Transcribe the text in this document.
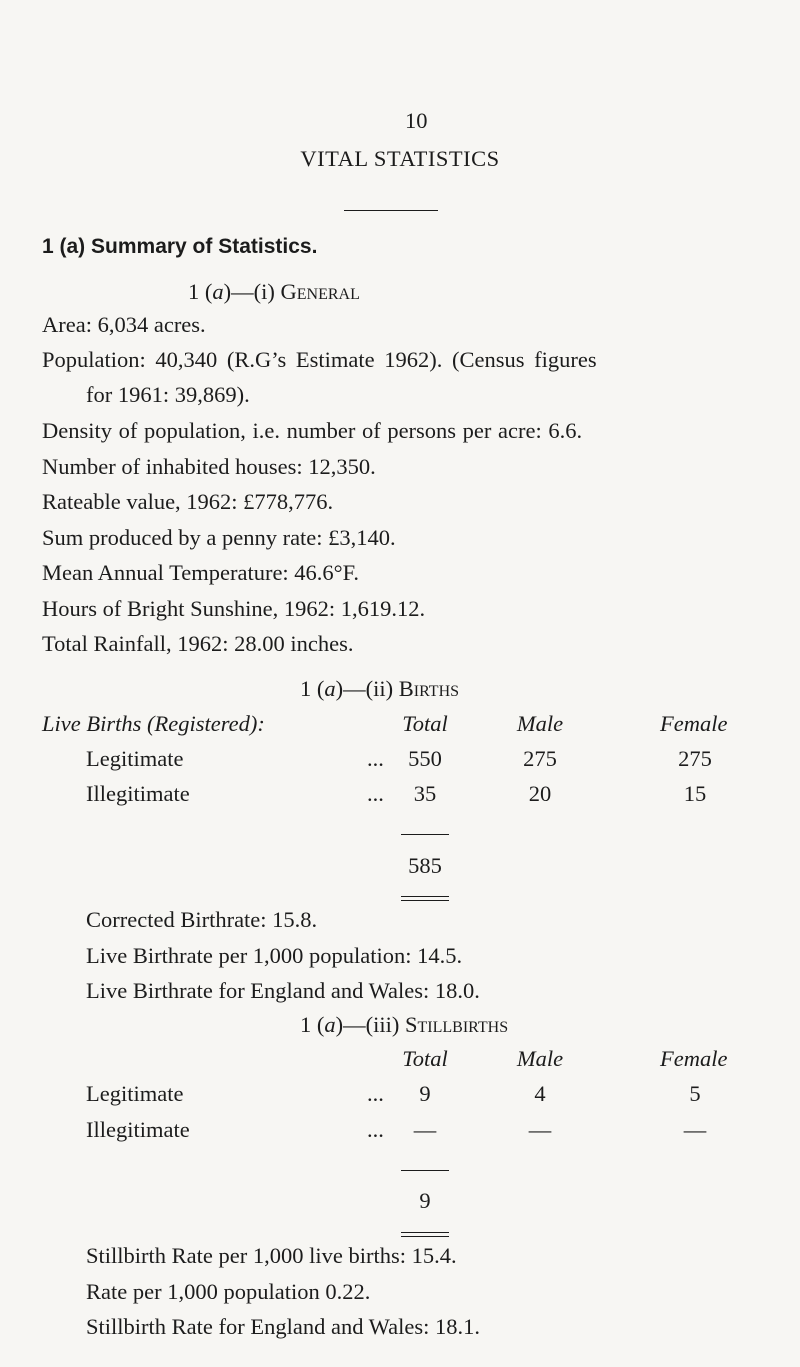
10
VITAL STATISTICS
1 (a) Summary of Statistics.
1 (a)—(i) General
Area: 6,034 acres.
Population: 40,340 (R.G’s Estimate 1962). (Census figures
for 1961: 39,869).
Density of population, i.e. number of persons per acre: 6.6.
Number of inhabited houses: 12,350.
Rateable value, 1962: £778,776.
Sum produced by a penny rate: £3,140.
Mean Annual Temperature: 46.6°F.
Hours of Bright Sunshine, 1962: 1,619.12.
Total Rainfall, 1962: 28.00 inches.
1 (a)—(ii) Births
Live Births (Registered):	Total	Male	Female
Legitimate	...	550	275	275
Illegitimate	...	35	20	15
585
Corrected Birthrate: 15.8.
Live Birthrate per 1,000 population: 14.5.
Live Birthrate for England and Wales: 18.0.
1 (a)—(iii) Stillbirths
Total	Male	Female
Legitimate	...	9	4	5
Illegitimate	...	—	—	—
9
Stillbirth Rate per 1,000 live births: 15.4.
Rate per 1,000 population 0.22.
Stillbirth Rate for England and Wales: 18.1.
